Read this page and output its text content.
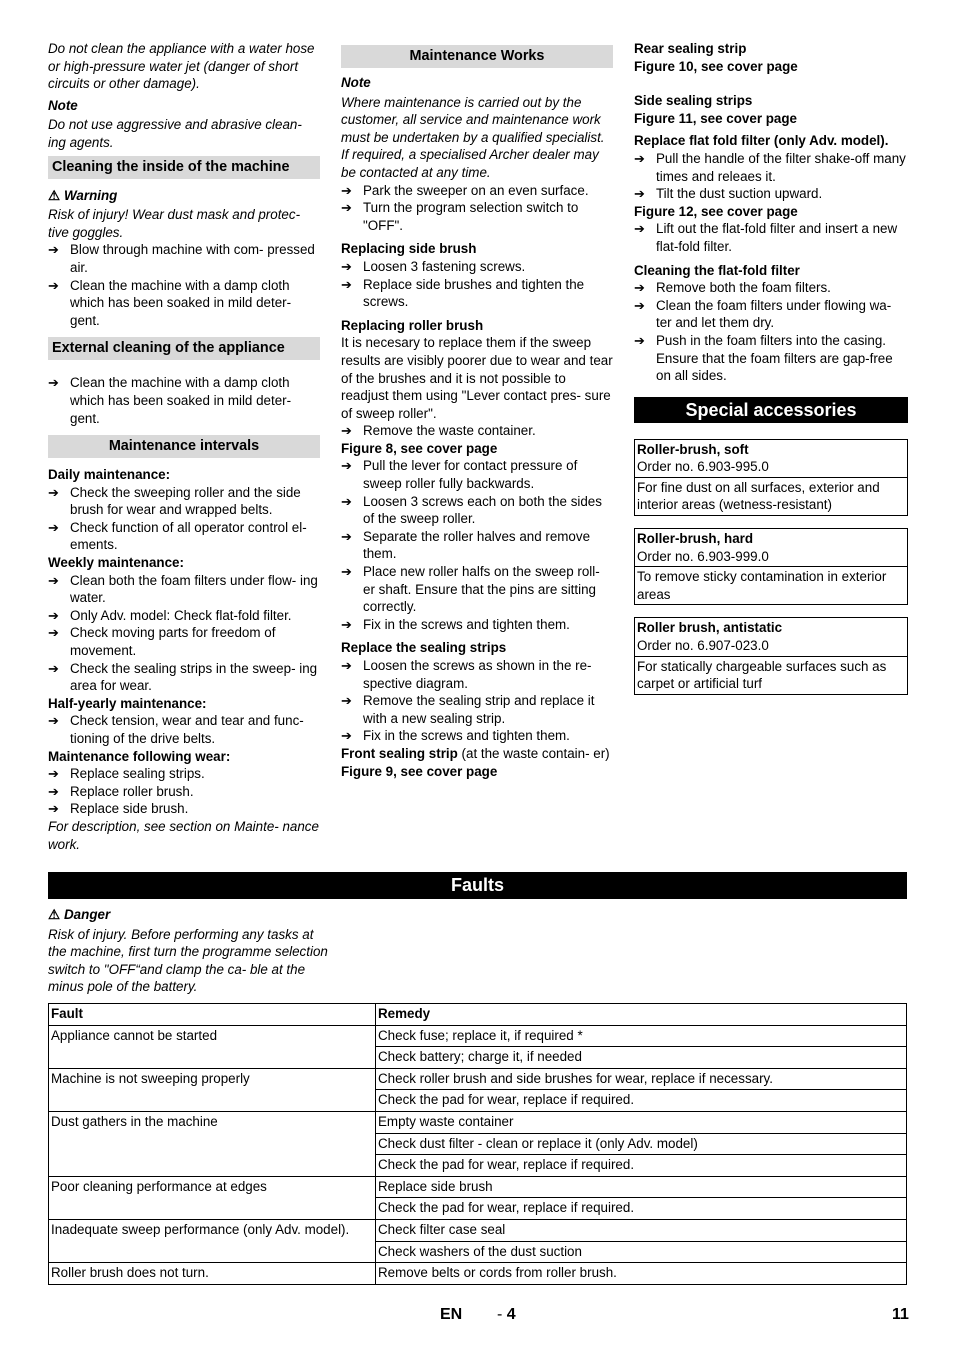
Do not clean the appliance with a water hose or high-pressure water jet (danger of short circuits or other damage).

Note

Do not use aggressive and abrasive clean- ing agents.

Cleaning the inside of the machine

⚠ Warning

Risk of injury! Wear dust mask and protec- tive goggles.

➔ Blow through machine with com- pressed air.
➔ Clean the machine with a damp cloth which has been soaked in mild deter- gent.
External cleaning of the appliance
➔ Clean the machine with a damp cloth which has been soaked in mild deter- gent.
Maintenance intervals

Daily maintenance:

➔ Check the sweeping roller and the side brush for wear and wrapped belts.
➔ Check function of all operator control el- ements.

Weekly maintenance:

➔ Clean both the foam filters under flow- ing water.
➔ Only Adv. model: Check flat-fold filter.
➔ Check moving parts for freedom of movement.
➔ Check the sealing strips in the sweep- ing area for wear.

Half-yearly maintenance:

➔ Check tension, wear and tear and func- tioning of the drive belts.

Maintenance following wear:

➔ Replace sealing strips.
➔ Replace roller brush.
➔ Replace side brush.

For description, see section on Mainte- nance work.

Maintenance Works

Note

Where maintenance is carried out by the customer, all service and maintenance work must be undertaken by a qualified specialist. If required, a specialised Archer dealer may be contacted at any time.

➔ Park the sweeper on an even surface.
➔ Turn the program selection switch to "OFF".

Replacing side brush

➔ Loosen 3 fastening screws.
➔ Replace side brushes and tighten the screws.

Replacing roller brush

It is necesary to replace them if the sweep results are visibly poorer due to wear and tear of the brushes and it is not possible to readjust them using "Lever contact pres- sure of sweep roller".

➔ Remove the waste container.

Figure 8, see cover page

➔ Pull the lever for contact pressure of sweep roller fully backwards.
➔ Loosen 3 screws each on both the sides of the sweep roller.
➔ Separate the roller halves and remove them.
➔ Place new roller halfs on the sweep roll- er shaft. Ensure that the pins are sitting correctly.
➔ Fix in the screws and tighten them.

Replace the sealing strips

➔ Loosen the screws as shown in the re- spective diagram.
➔ Remove the sealing strip and replace it with a new sealing strip.
➔ Fix in the screws and tighten them.

Front sealing strip (at the waste contain- er)

Figure 9, see cover page

Rear sealing strip

Figure 10, see cover page

Side sealing strips

Figure 11, see cover page

Replace flat fold filter (only Adv. model).

➔ Pull the handle of the filter shake-off many times and releaes it.
➔ Tilt the dust suction upward.

Figure 12, see cover page

➔ Lift out the flat-fold filter and insert a new flat-fold filter.

Cleaning the flat-fold filter

➔ Remove both the foam filters.
➔ Clean the foam filters under flowing wa- ter and let them dry.
➔ Push in the foam filters into the casing. Ensure that the foam filters are gap-free on all sides.
Special accessories
Roller-brush, soft
Order no. 6.903-995.0
For fine dust on all surfaces, exterior and interior areas (wetness-resistant)
Roller-brush, hard
Order no. 6.903-999.0
To remove sticky contamination in exterior areas
Roller brush, antistatic
Order no. 6.907-023.0
For statically chargeable surfaces such as carpet or artificial turf
Faults

⚠ Danger

Risk of injury. Before performing any tasks at the machine, first turn the programme selection switch to "OFF“and clamp the ca- ble at the minus pole of the battery.

Fault	Remedy
Appliance cannot be started	Check fuse; replace it, if required *
	Check battery; charge it, if needed
Machine is not sweeping properly	Check roller brush and side brushes for wear, replace if necessary.
	Check the pad for wear, replace if required.
Dust gathers in the machine	Empty waste container
	Check dust filter - clean or replace it (only Adv. model)
	Check the pad for wear, replace if required.
Poor cleaning performance at edges	Replace side brush
	Check the pad for wear, replace if required.
Inadequate sweep performance (only Adv. model).	Check filter case seal
	Check washers of the dust suction
Roller brush does not turn.	Remove belts or cords from roller brush.
EN - 4	11
